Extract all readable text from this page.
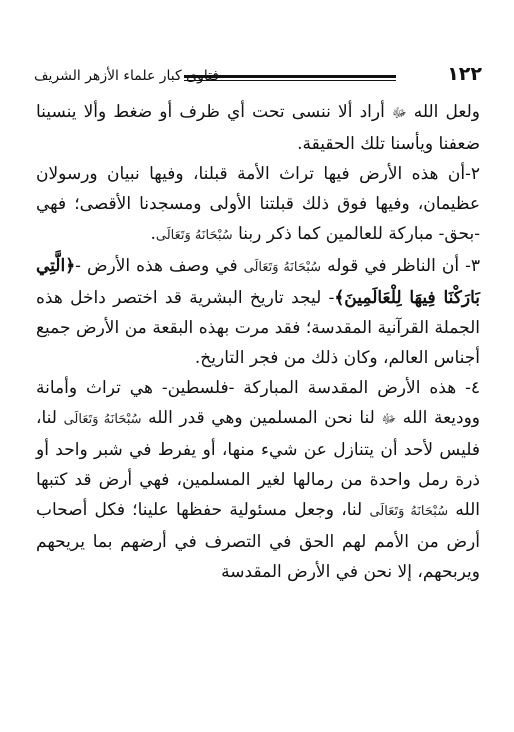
١٢٢
فتاوى كبار علماء الأزهر الشريف

ولعل الله ﷻ أراد ألا ننسى تحت أي ظرف أو ضغط وألا ينسينا ضعفنا ويأسنا تلك الحقيقة.

٢-أن هذه الأرض فيها تراث الأمة قبلنا، وفيها نبيان ورسولان عظيمان، وفيها فوق ذلك قبلتنا الأولى ومسجدنا الأقصى؛ فهي -بحق- مباركة للعالمين كما ذكر ربنا سُبْحَانَهُ وَتَعَالَى.

٣- أن الناظر في قوله سُبْحَانَهُ وَتَعَالَى في وصف هذه الأرض -﴿الَّتِي بَارَكْنَا فِيهَا لِلْعَالَمِينَ﴾- ليجد تاريخ البشرية قد اختصر داخل هذه الجملة القرآنية المقدسة؛ فقد مرت بهذه البقعة من الأرض جميع أجناس العالم، وكان ذلك من فجر التاريخ.

٤- هذه الأرض المقدسة المباركة -فلسطين- هي تراث وأمانة ووديعة الله ﷻ لنا نحن المسلمين وهي قدر الله سُبْحَانَهُ وَتَعَالَى لنا، فليس لأحد أن يتنازل عن شيء منها، أو يفرط في شبر واحد أو ذرة رمل واحدة من رمالها لغير المسلمين، فهي أرض قد كتبها الله سُبْحَانَهُ وَتَعَالَى لنا، وجعل مسئولية حفظها علينا؛ فكل أصحاب أرض من الأمم لهم الحق في التصرف في أرضهم بما يريحهم ويربحهم، إلا نحن في الأرض المقدسة
